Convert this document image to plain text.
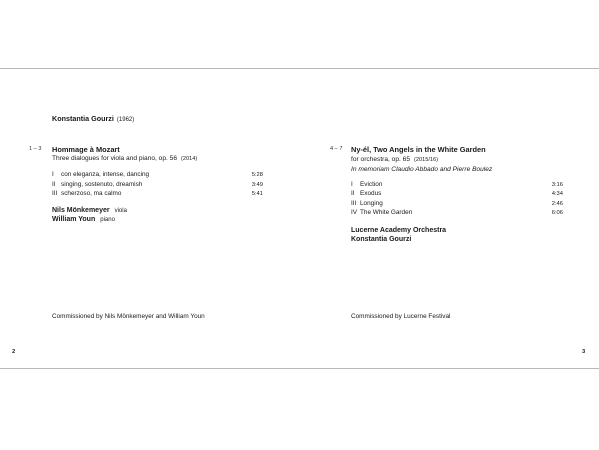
Konstantia Gourzi (1962)
1 – 3 Hommage à Mozart
Three dialogues for viola and piano, op. 56 (2014)
I con eleganza, intense, dancing	5:28
II singing, sostenuto, dreamish	3:49
III scherzoso, ma calmo	5:41
Nils Mönkemeyer viola
William Youn piano
Commissioned by Nils Mönkemeyer and William Youn
2
4 – 7 Ny-él, Two Angels in the White Garden
for orchestra, op. 65 (2015/16)
In memoriam Claudio Abbado and Pierre Boulez
I Eviction	3:16
II Exodus	4:34
III Longing	2:46
IV The White Garden	6:06
Lucerne Academy Orchestra
Konstantia Gourzi
Commissioned by Lucerne Festival
3
